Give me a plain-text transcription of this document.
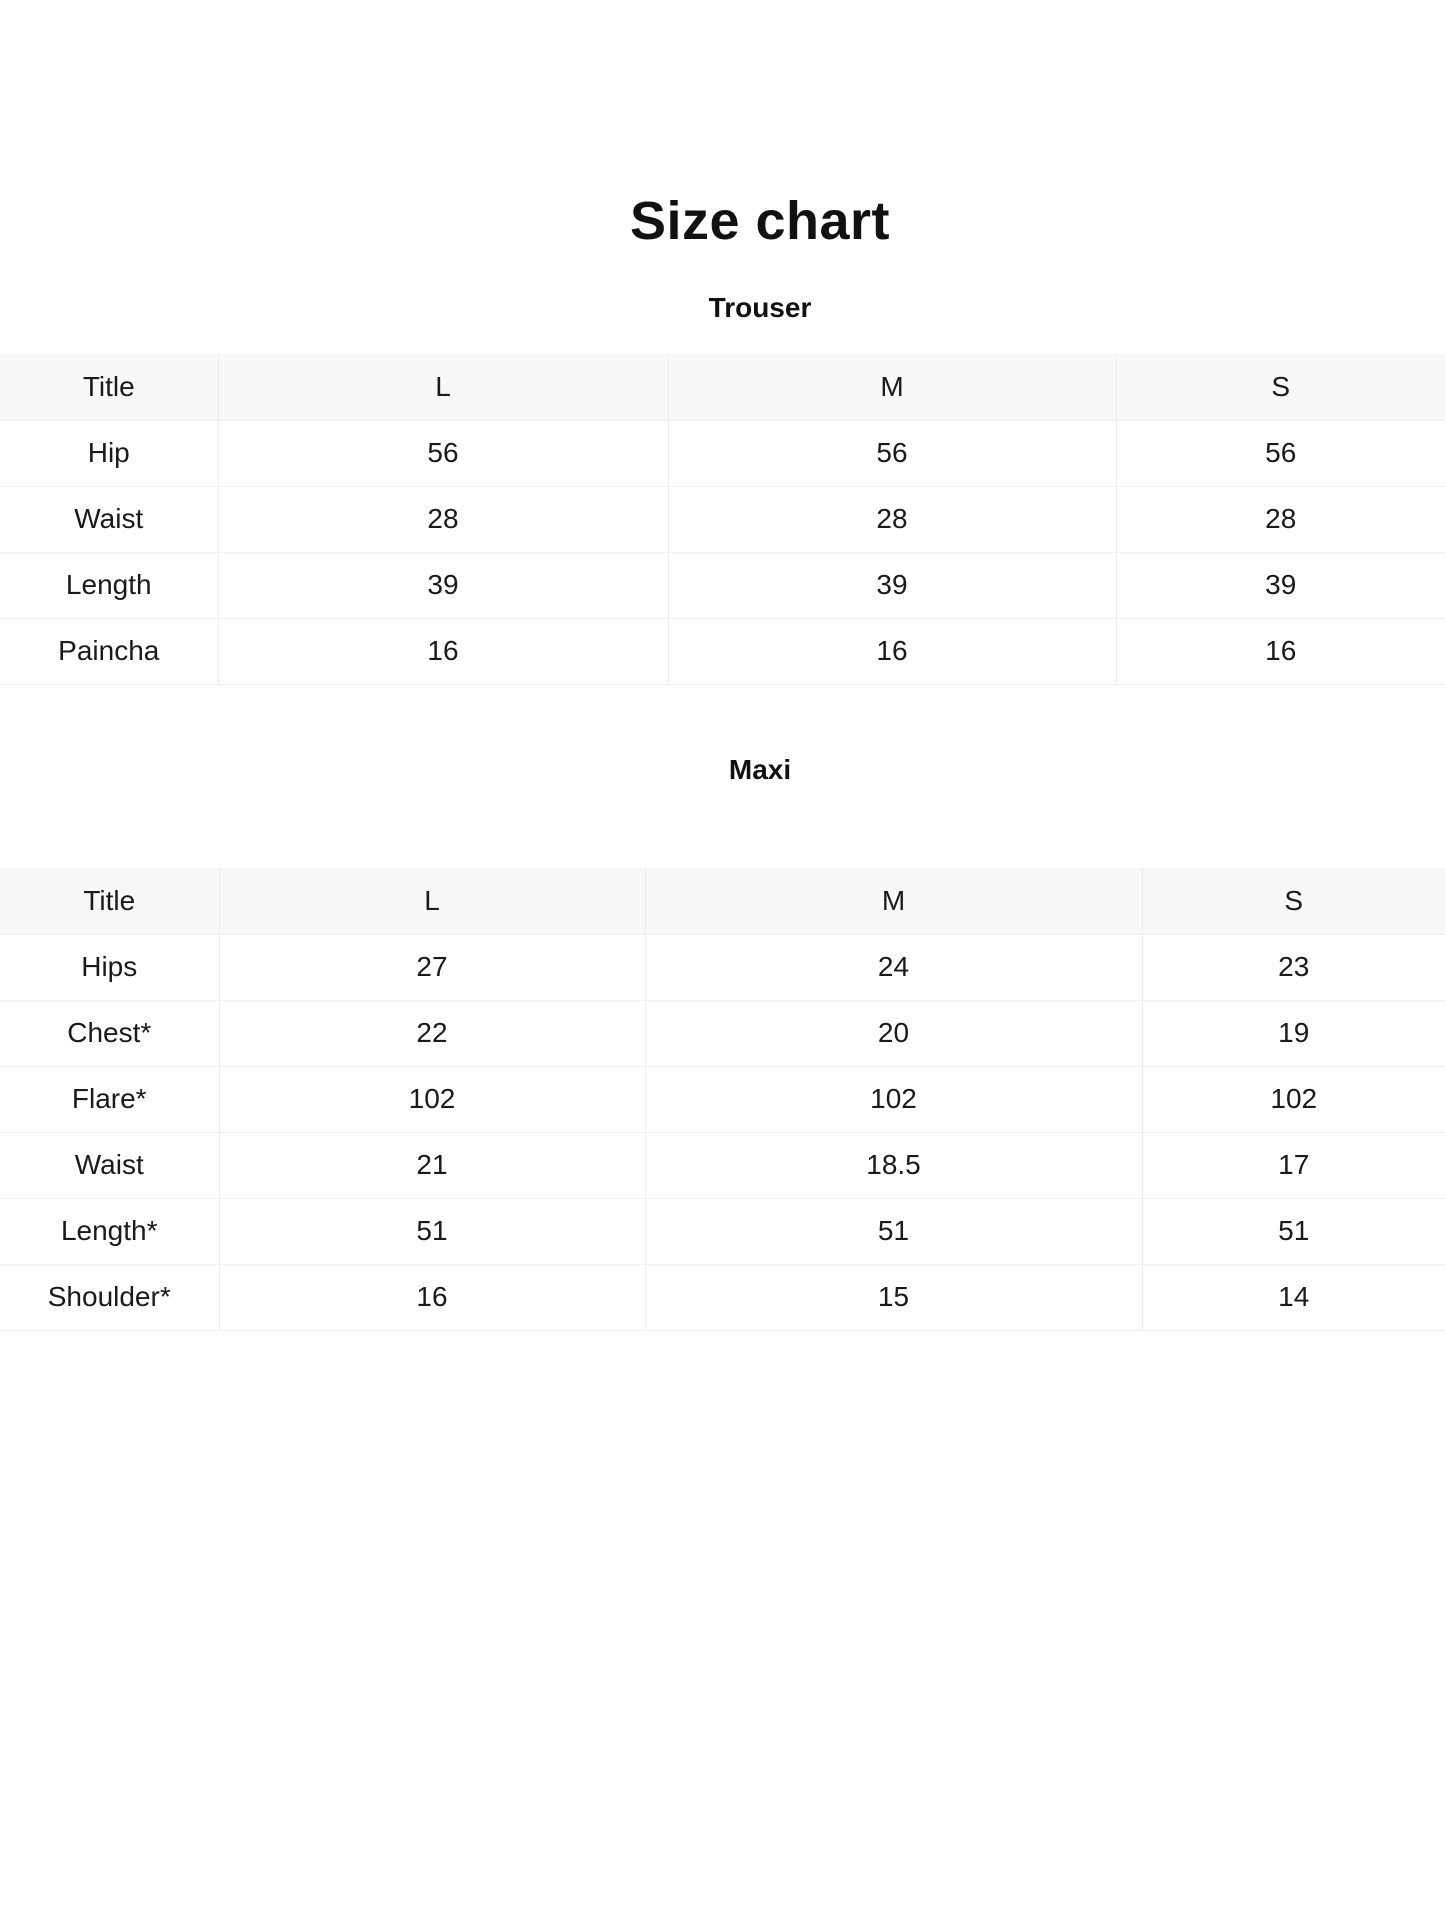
Size chart
Trouser
Title	L	M	S
Hip	56	56	56
Waist	28	28	28
Length	39	39	39
Paincha	16	16	16
Maxi
Title	L	M	S
Hips	27	24	23
Chest*	22	20	19
Flare*	102	102	102
Waist	21	18.5	17
Length*	51	51	51
Shoulder*	16	15	14
